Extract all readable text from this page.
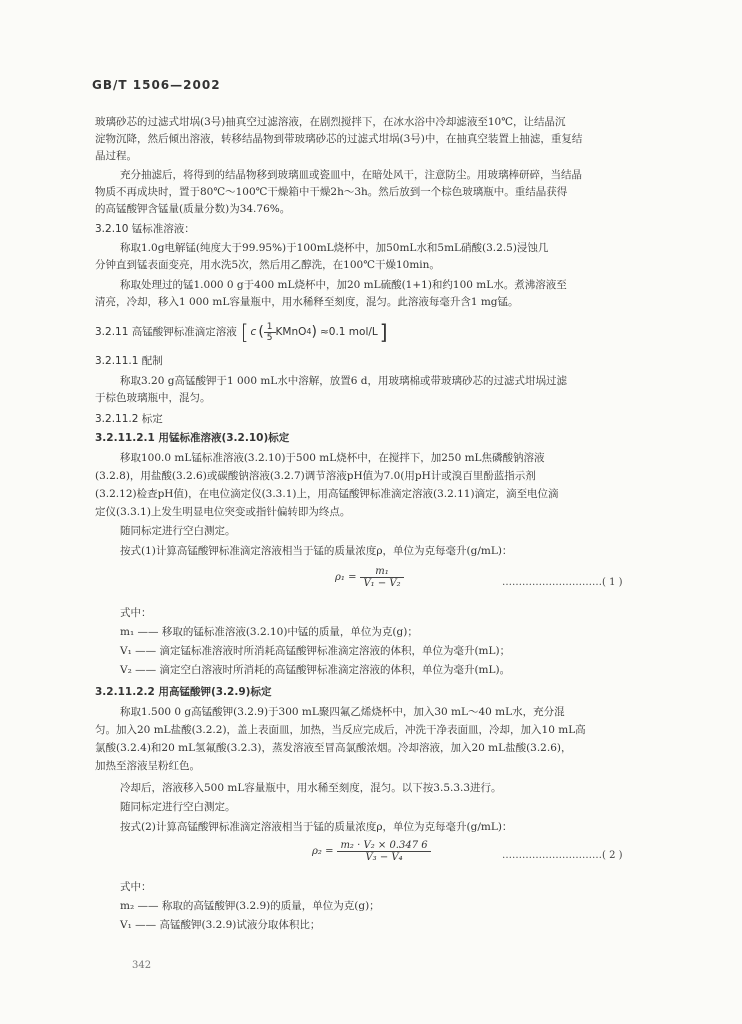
GB/T 1506—2002
玻璃砂芯的过滤式坩埚(3号)抽真空过滤溶液，在剧烈搅拌下，在冰水浴中冷却滤液至10℃，让结晶沉
淀物沉降，然后倾出溶液，转移结晶物到带玻璃砂芯的过滤式坩埚(3号)中，在抽真空装置上抽滤，重复结
晶过程。
充分抽滤后，将得到的结晶物移到玻璃皿或瓷皿中，在暗处风干，注意防尘。用玻璃棒研碎，当结晶
物质不再成块时，置于80℃～100℃干燥箱中干燥2h～3h。然后放到一个棕色玻璃瓶中。重结晶获得
的高锰酸钾含锰量(质量分数)为34.76%。
3.2.10 锰标准溶液：
称取1.0g电解锰(纯度大于99.95%)于100mL烧杯中，加50mL水和5mL硝酸(3.2.5)浸蚀几
分钟直到锰表面变亮，用水洗5次，然后用乙醇洗，在100℃干燥10min。
称取处理过的锰1.000 0 g于400 mL烧杯中，加20 mL硫酸(1+1)和约100 mL水。煮沸溶液至
清亮，冷却，移入1 000 mL容量瓶中，用水稀释至刻度，混匀。此溶液每毫升含1 mg锰。
3.2.11 高锰酸钾标准滴定溶液 [ c ( $\frac{1}{5}$ KMnO 4 ) ≈0.1 mol/L ]
3.2.11.1 配制
称取3.20 g高锰酸钾于1 000 mL水中溶解，放置6 d，用玻璃棉或带玻璃砂芯的过滤式坩埚过滤
于棕色玻璃瓶中，混匀。
3.2.11.2 标定
3.2.11.2.1 用锰标准溶液(3.2.10)标定
移取100.0 mL锰标准溶液(3.2.10)于500 mL烧杯中，在搅拌下，加250 mL焦磷酸钠溶液
(3.2.8)，用盐酸(3.2.6)或碳酸钠溶液(3.2.7)调节溶液pH值为7.0(用pH计或溴百里酚蓝指示剂
(3.2.12)检查pH值)，在电位滴定仪(3.3.1)上，用高锰酸钾标准滴定溶液(3.2.11)滴定，滴至电位滴
定仪(3.3.1)上发生明显电位突变或指针偏转即为终点。
随同标定进行空白测定。
按式(1)计算高锰酸钾标准滴定溶液相当于锰的质量浓度ρ，单位为克每毫升(g/mL)：
$\rho_1 = \frac{\text{m₁}}{\text{V₁ − V₂}}$	…………………………( 1 )
式中：
m₁ —— 移取的锰标准溶液(3.2.10)中锰的质量，单位为克(g)；
V₁ —— 滴定锰标准溶液时所消耗高锰酸钾标准滴定溶液的体积，单位为毫升(mL)；
V₂ —— 滴定空白溶液时所消耗的高锰酸钾标准滴定溶液的体积，单位为毫升(mL)。
3.2.11.2.2 用高锰酸钾(3.2.9)标定
称取1.500 0 g高锰酸钾(3.2.9)于300 mL聚四氟乙烯烧杯中，加入30 mL～40 mL水，充分混
匀。加入20 mL盐酸(3.2.2)，盖上表面皿，加热，当反应完成后，冲洗干净表面皿，冷却，加入10 mL高
氯酸(3.2.4)和20 mL氢氟酸(3.2.3)，蒸发溶液至冒高氯酸浓烟。冷却溶液，加入20 mL盐酸(3.2.6)，
加热至溶液呈粉红色。
冷却后，溶液移入500 mL容量瓶中，用水稀至刻度，混匀。以下按3.5.3.3进行。
随同标定进行空白测定。
按式(2)计算高锰酸钾标准滴定溶液相当于锰的质量浓度ρ，单位为克每毫升(g/mL)：
$\rho_2 = \frac{\text{m₂ · V₂ × 0.347 6}}{\text{V₃ − V₄}}$	…………………………( 2 )
式中：
m₂ —— 称取的高锰酸钾(3.2.9)的质量，单位为克(g)；
V₁ —— 高锰酸钾(3.2.9)试液分取体积比；
342
